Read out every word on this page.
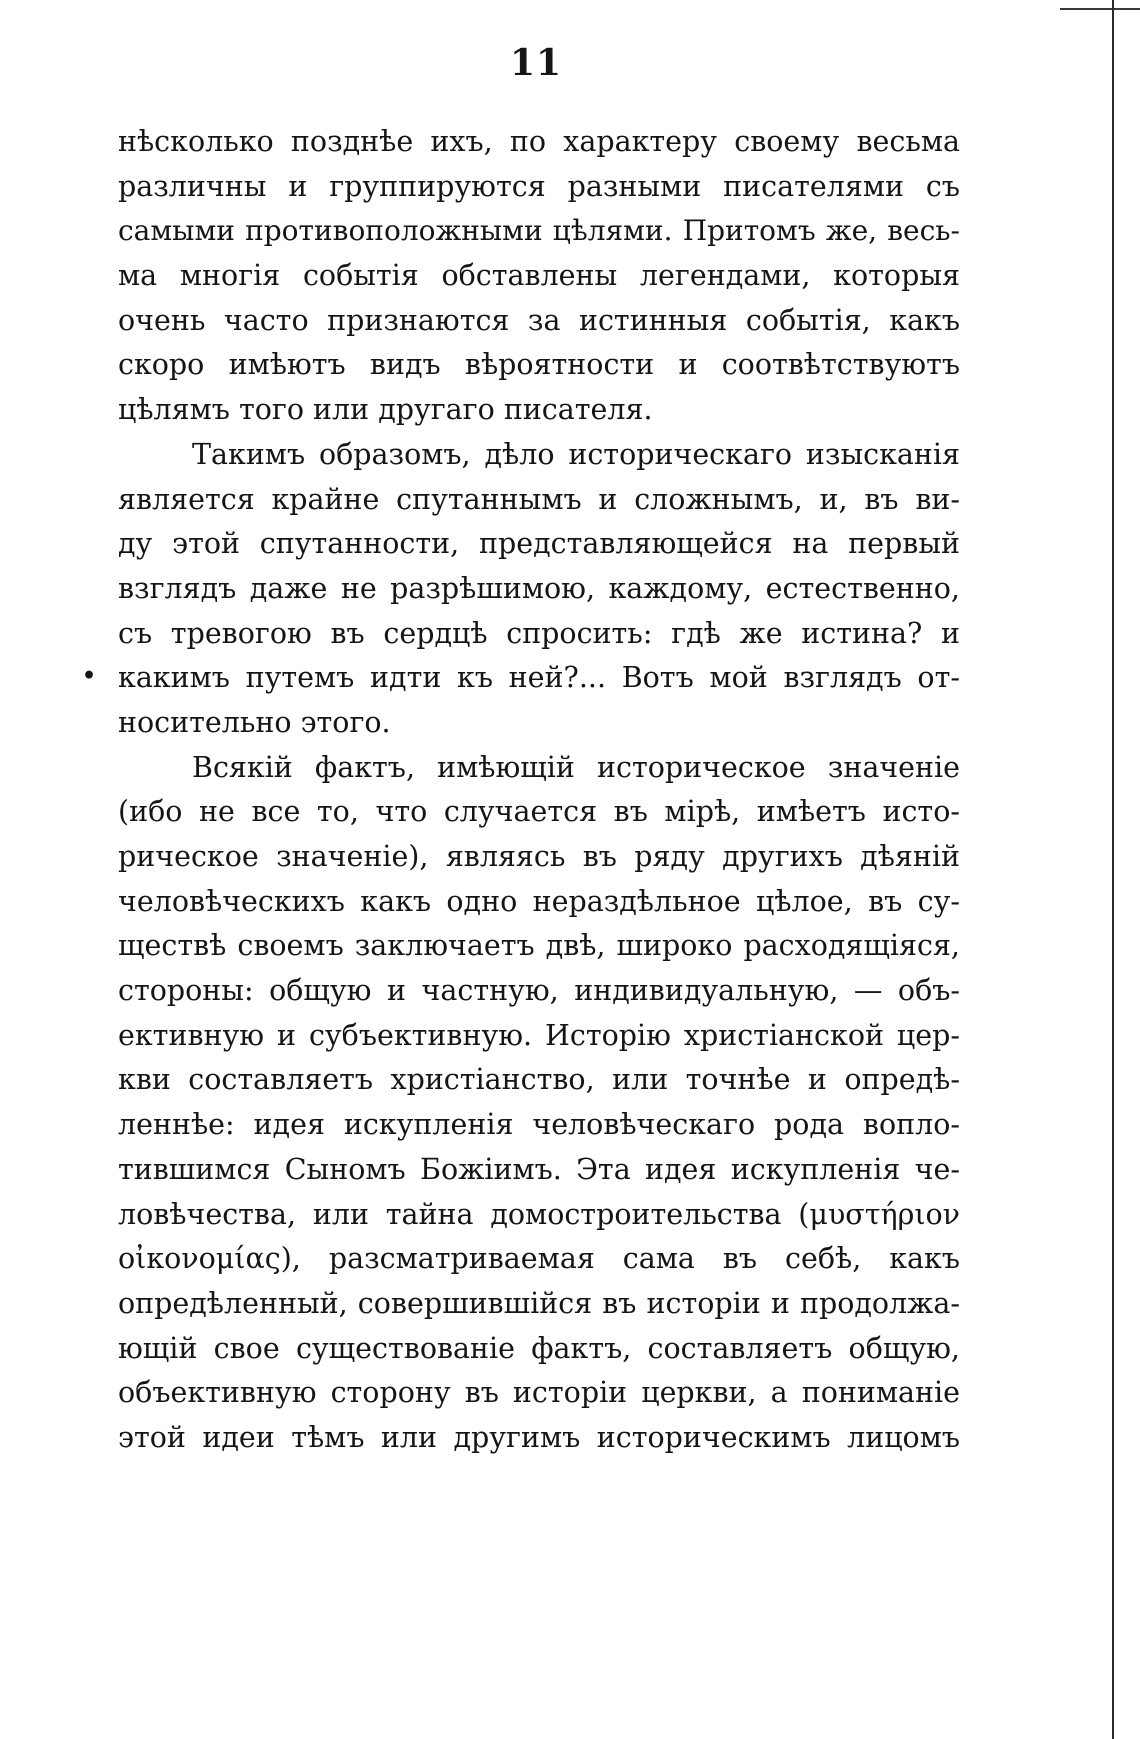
11
•
нѣсколько позднѣе ихъ, по характеру своему весьма
различны и группируются разными писателями съ
самыми противоположными цѣлями. Притомъ же, весь-
ма многія событія обставлены легендами, которыя
очень часто признаются за истинныя событія, какъ
скоро имѣютъ видъ вѣроятности и соотвѣтствуютъ
цѣлямъ того или другаго писателя.
Такимъ образомъ, дѣло историческаго изысканія
является крайне спутаннымъ и сложнымъ, и, въ ви-
ду этой спутанности, представляющейся на первый
взглядъ даже не разрѣшимою, каждому, естественно,
съ тревогою въ сердцѣ спросить: гдѣ же истина? и
какимъ путемъ идти къ ней?... Вотъ мой взглядъ от-
носительно этого.
Всякій фактъ, имѣющій историческое значеніе
(ибо не все то, что случается въ мірѣ, имѣетъ исто-
рическое значеніе), являясь въ ряду другихъ дѣяній
человѣческихъ какъ одно нераздѣльное цѣлое, въ су-
ществѣ своемъ заключаетъ двѣ, широко расходящіяся,
стороны: общую и частную, индивидуальную, — объ-
ективную и субъективную. Исторію христіанской цер-
кви составляетъ христіанство, или точнѣе и опредѣ-
леннѣе: идея искупленія человѣческаго рода вопло-
тившимся Сыномъ Божіимъ. Эта идея искупленія че-
ловѣчества, или тайна домостроительства (μυστήριον
οἰκονομίας), разсматриваемая сама въ себѣ, какъ
опредѣленный, совершившійся въ исторіи и продолжа-
ющій свое существованіе фактъ, составляетъ общую,
объективную сторону въ исторіи церкви, а пониманіе
этой идеи тѣмъ или другимъ историческимъ лицомъ
